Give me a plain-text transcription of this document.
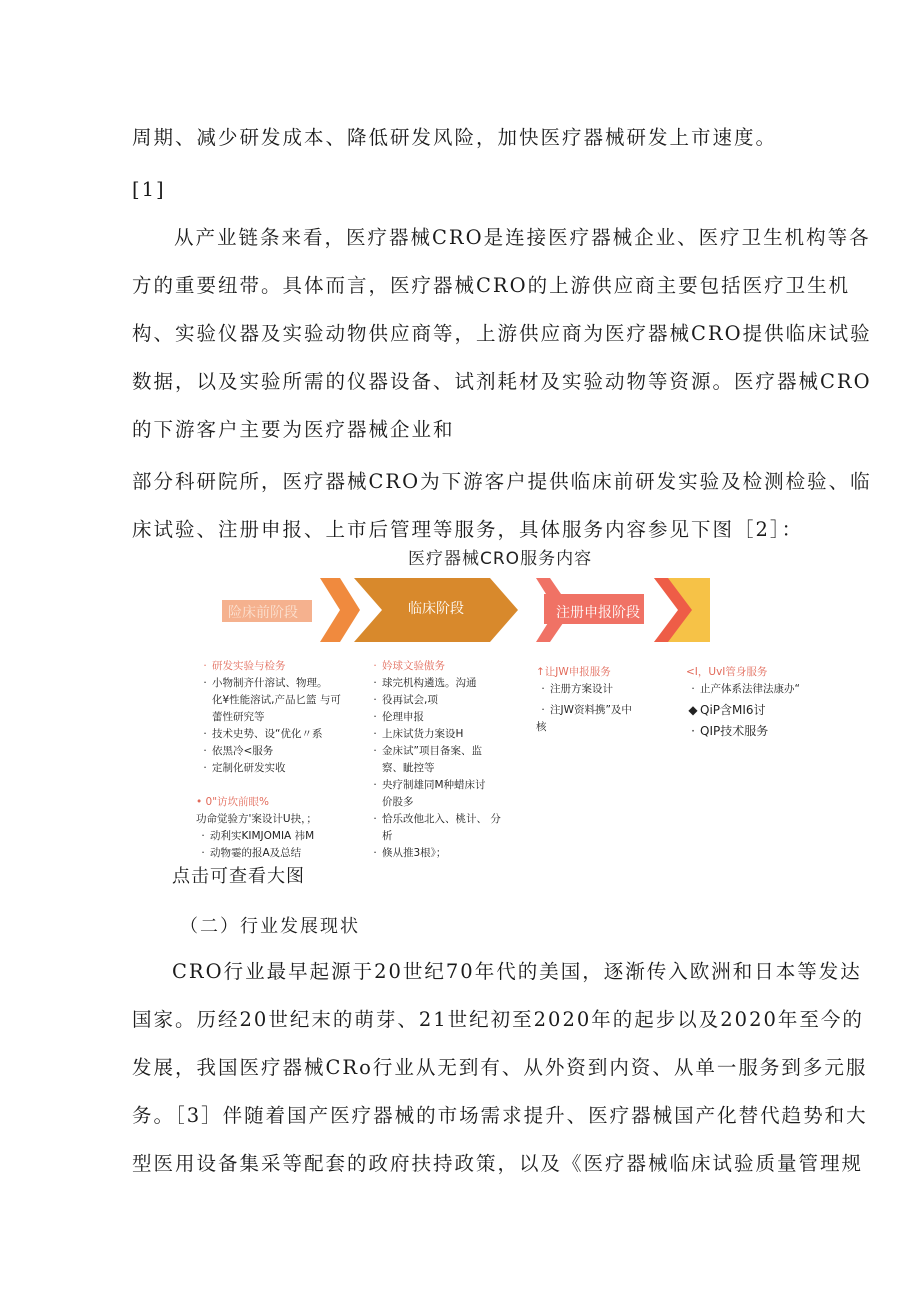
周期、减少研发成本、降低研发风险，加快医疗器械研发上市速度。
[1]
从产业链条来看，医疗器械CRO是连接医疗器械企业、医疗卫生机构等各
方的重要纽带。具体而言，医疗器械CRO的上游供应商主要包括医疗卫生机
构、实验仪器及实验动物供应商等，上游供应商为医疗器械CRO提供临床试验
数据，以及实验所需的仪器设备、试剂耗材及实验动物等资源。医疗器械CRO
的下游客户主要为医疗器械企业和
部分科研院所，医疗器械CRO为下游客户提供临床前研发实验及检测检验、临
床试验、注册申报、上市后管理等服务，具体服务内容参见下图［2］：
医疗器械CRO服务内容
险床前阶段	临床阶段	注册申报阶段
· 研发实验与检务
· 小物制齐什溶试、物理。
化¥性能溶试,产品匕篮 与可
蕾性研究等
· 技术史势、设“优化〃系
· 依黑冷<服务
· 定制化研发实收
• 0"访坎前眼%
功命觉验方'案设计U抉，；
· 动利实KIMJOMIA 祎M
· 动物霎的报A及总结
· 妗球文验傲务
· 球完机构遴选。沟通
· 役再试会,项
· 伦理申报
· 上床试货力案设H
· 金床试”项目备案、监
察、眦控等
· 央疗制雄同M种蜡床讨
价股多
· 恰乐改他北入、桃计、 分
析
· 倏从推3根》；
↑让JW申报服务
· 注册方案设计
· 注JW资料携”及中
核
<I，UvI管身服务
· 止产体系法律法康办“
◆ QiP含MI6讨
· QIP技术服务
点击可查看大图
（二）行业发展现状
CRO行业最早起源于20世纪70年代的美国，逐渐传入欧洲和日本等发达
国家。历经20世纪末的萌芽、21世纪初至2020年的起步以及2020年至今的
发展，我国医疗器械CRo行业从无到有、从外资到内资、从单一服务到多元服
务。［3］伴随着国产医疗器械的市场需求提升、医疗器械国产化替代趋势和大
型医用设备集采等配套的政府扶持政策，以及《医疗器械临床试验质量管理规
